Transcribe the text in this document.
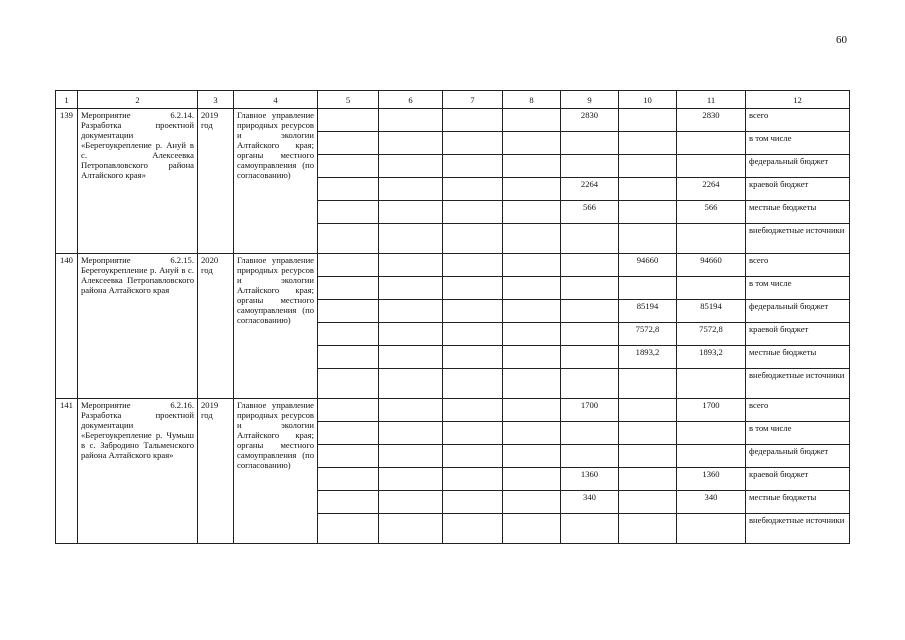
60
1	2	3	4	5	6	7	8	9	10	11	12
139	Мероприятие 6.2.14. Разработка проектной документации «Берегоукрепление р. Ануй в с. Алексеевка Петропавловского района Алтайского края»	2019 год	Главное управление природных ресурсов и экологии Алтайского края; органы местного самоуправления (по согласованию)					2830		2830	всего
											в том числе
											федеральный бюджет
								2264		2264	краевой бюджет
								566		566	местные бюджеты
											внебюджетные источники
140	Мероприятие 6.2.15. Берегоукрепление р. Ануй в с. Алексеевка Петропавловского района Алтайского края	2020 год	Главное управление природных ресурсов и экологии Алтайского края; органы местного самоуправления (по согласованию)						94660	94660	всего
											в том числе
									85194	85194	федеральный бюджет
									7572,8	7572,8	краевой бюджет
									1893,2	1893,2	местные бюджеты
											внебюджетные источники
141	Мероприятие 6.2.16. Разработка проектной документации «Берегоукрепление р. Чумыш в с. Забродино Тальменского района Алтайского края»	2019 год	Главное управление природных ресурсов и экологии Алтайского края; органы местного самоуправления (по согласованию)					1700		1700	всего
											в том числе
											федеральный бюджет
								1360		1360	краевой бюджет
								340		340	местные бюджеты
											внебюджетные источники
